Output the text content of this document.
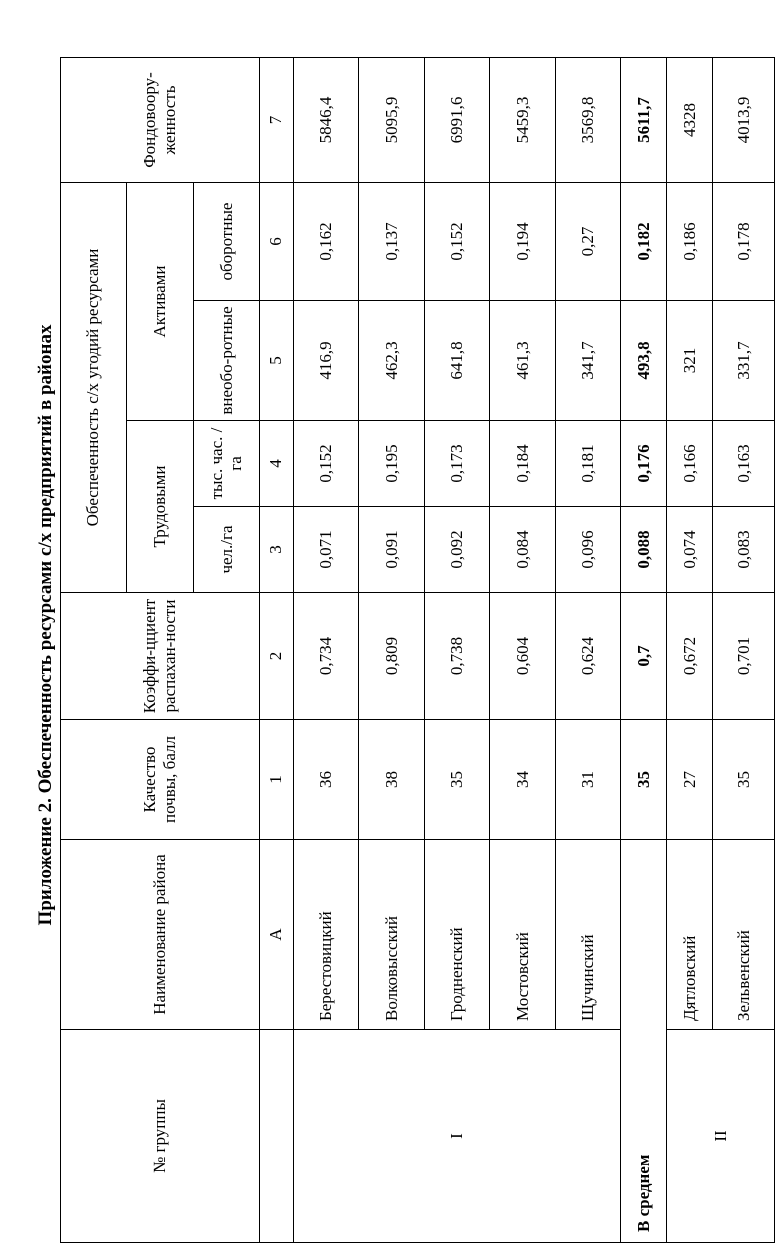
Приложение 2. Обеспеченность ресурсами с/х предприятий в районах
№ группы	Наименование района	Качество почвы, балл	Коэффи-цциент распахан-ности	Обеспеченность с/х угодий ресурсами				Фондовоору-женность
				Трудовыми		Активами		
				чел./га	тыс. час. /га	внеобо-ротные	оборотные	
	А	1	2	3	4	5	6	7
I	Берестовицкий	36	0,734	0,071	0,152	416,9	0,162	5846,4
	Волковысский	38	0,809	0,091	0,195	462,3	0,137	5095,9
	Гродненский	35	0,738	0,092	0,173	641,8	0,152	6991,6
	Мостовский	34	0,604	0,084	0,184	461,3	0,194	5459,3
	Щучинский	31	0,624	0,096	0,181	341,7	0,27	3569,8
В среднем		35	0,7	0,088	0,176	493,8	0,182	5611,7
II	Дятловский	27	0,672	0,074	0,166	321	0,186	4328
	Зельвенский	35	0,701	0,083	0,163	331,7	0,178	4013,9
